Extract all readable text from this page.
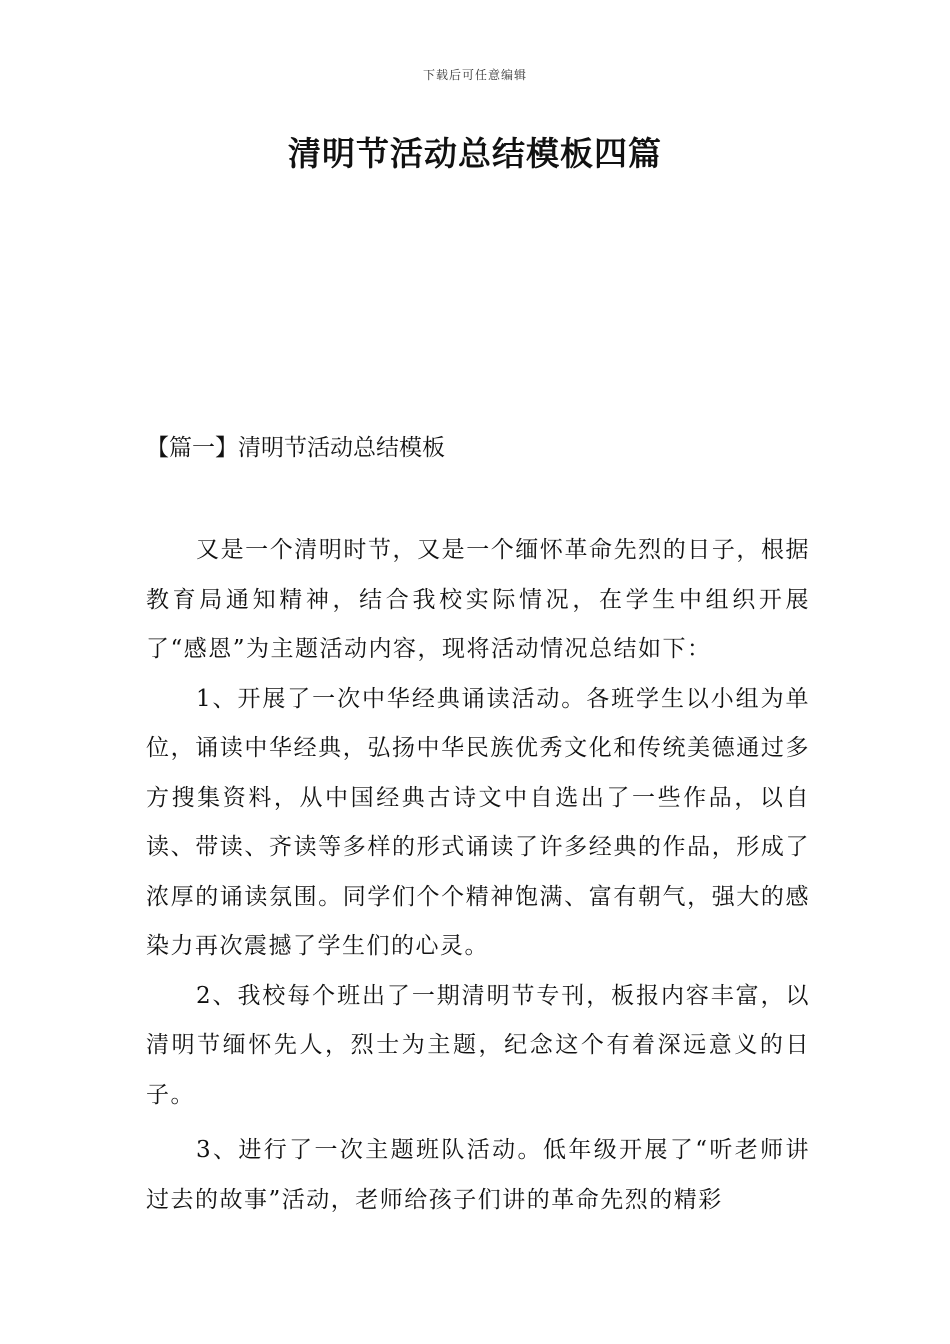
下载后可任意编辑
清明节活动总结模板四篇
【篇一】清明节活动总结模板

又是一个清明时节，又是一个缅怀革命先烈的日子，根据教育局通知精神，结合我校实际情况，在学生中组织开展了“感恩”为主题活动内容，现将活动情况总结如下：

1、开展了一次中华经典诵读活动。各班学生以小组为单位，诵读中华经典，弘扬中华民族优秀文化和传统美德通过多方搜集资料，从中国经典古诗文中自选出了一些作品，以自读、带读、齐读等多样的形式诵读了许多经典的作品，形成了浓厚的诵读氛围。同学们个个精神饱满、富有朝气，强大的感染力再次震撼了学生们的心灵。

2、我校每个班出了一期清明节专刊，板报内容丰富，以清明节缅怀先人，烈士为主题，纪念这个有着深远意义的日子。

3、进行了一次主题班队活动。低年级开展了“听老师讲过去的故事”活动，老师给孩子们讲的革命先烈的精彩
